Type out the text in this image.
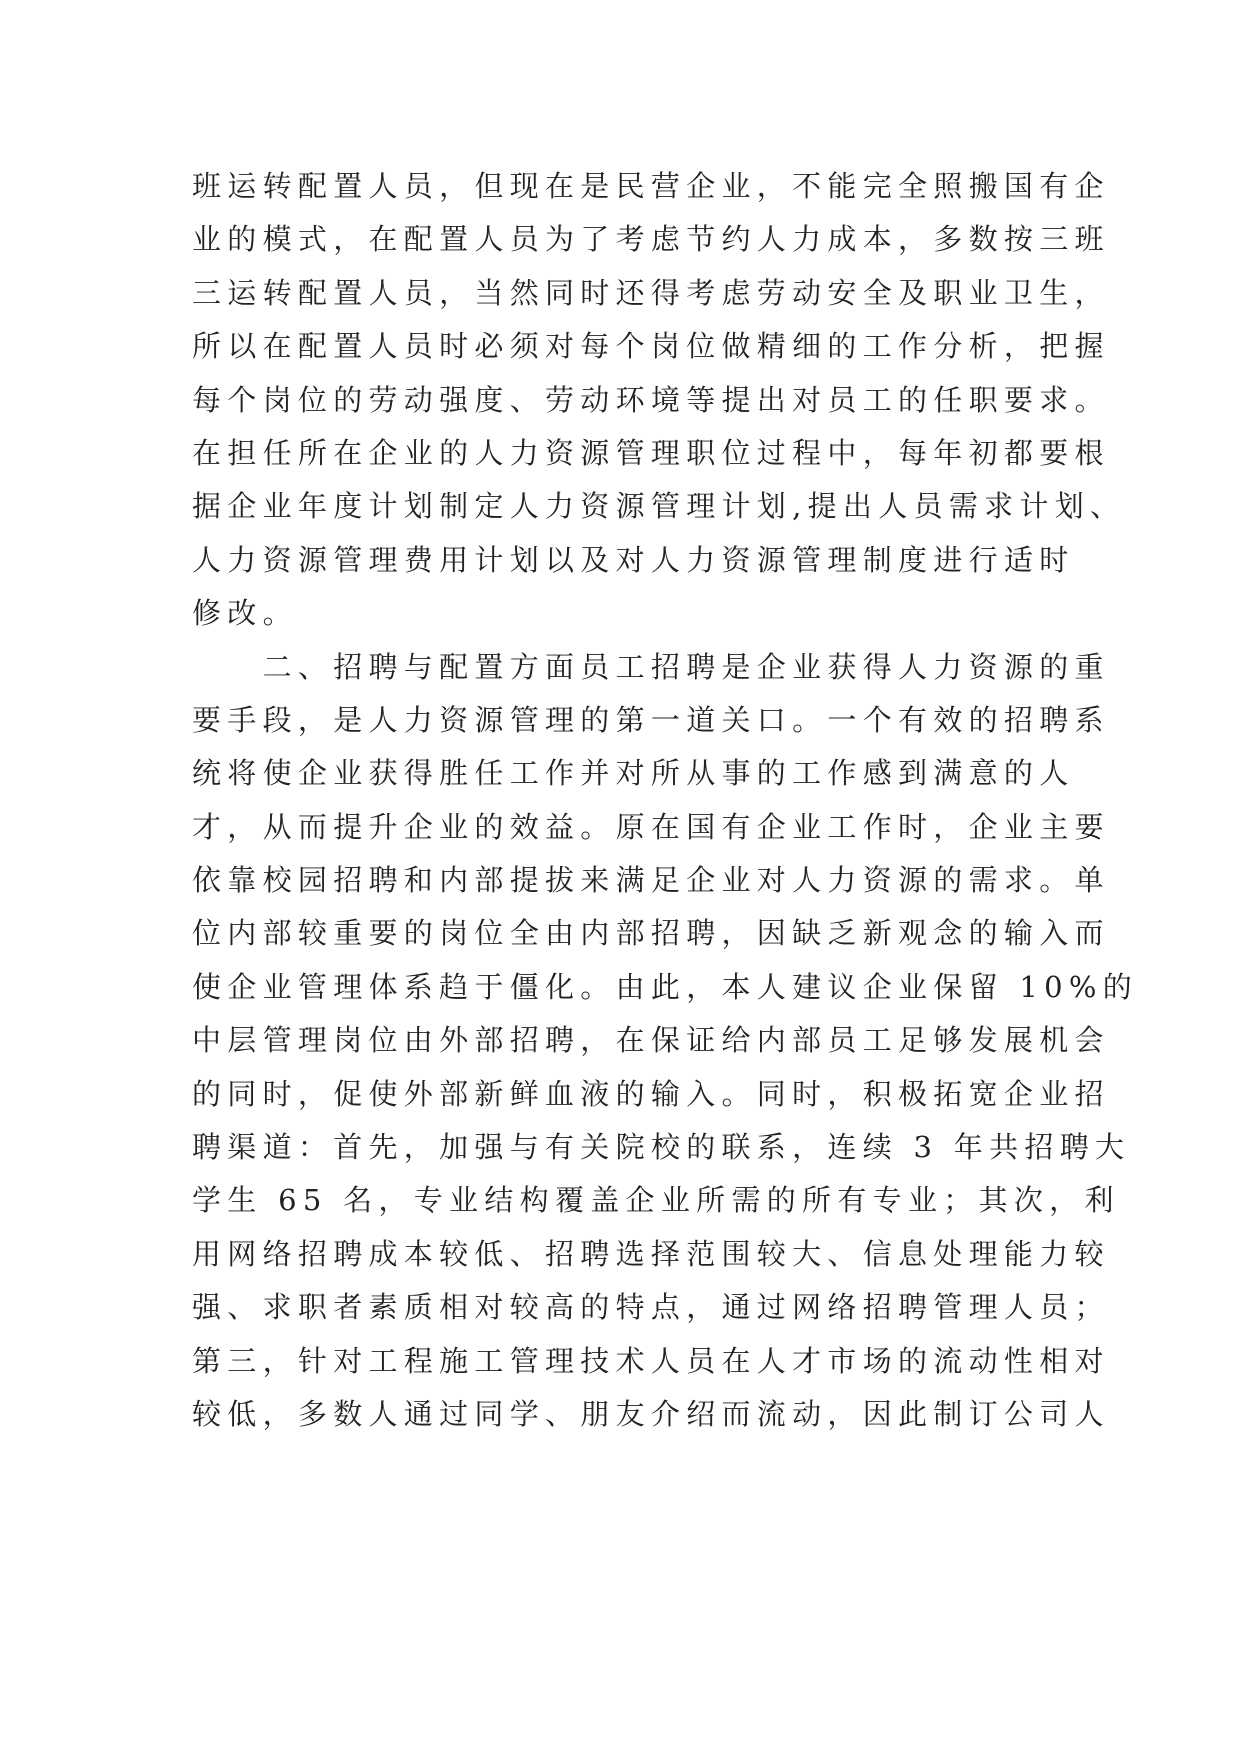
班运转配置人员，但现在是民营企业，不能完全照搬国有企
业的模式，在配置人员为了考虑节约人力成本，多数按三班
三运转配置人员，当然同时还得考虑劳动安全及职业卫生，
所以在配置人员时必须对每个岗位做精细的工作分析，把握
每个岗位的劳动强度、劳动环境等提出对员工的任职要求。
在担任所在企业的人力资源管理职位过程中，每年初都要根
据企业年度计划制定人力资源管理计划,提出人员需求计划、
人力资源管理费用计划以及对人力资源管理制度进行适时
修改。
　　二、招聘与配置方面员工招聘是企业获得人力资源的重
要手段，是人力资源管理的第一道关口。一个有效的招聘系
统将使企业获得胜任工作并对所从事的工作感到满意的人
才，从而提升企业的效益。原在国有企业工作时，企业主要
依靠校园招聘和内部提拔来满足企业对人力资源的需求。单
位内部较重要的岗位全由内部招聘，因缺乏新观念的输入而
使企业管理体系趋于僵化。由此，本人建议企业保留 10%的
中层管理岗位由外部招聘，在保证给内部员工足够发展机会
的同时，促使外部新鲜血液的输入。同时，积极拓宽企业招
聘渠道：首先，加强与有关院校的联系，连续 3 年共招聘大
学生 65 名，专业结构覆盖企业所需的所有专业；其次，利
用网络招聘成本较低、招聘选择范围较大、信息处理能力较
强、求职者素质相对较高的特点，通过网络招聘管理人员；
第三，针对工程施工管理技术人员在人才市场的流动性相对
较低，多数人通过同学、朋友介绍而流动，因此制订公司人
